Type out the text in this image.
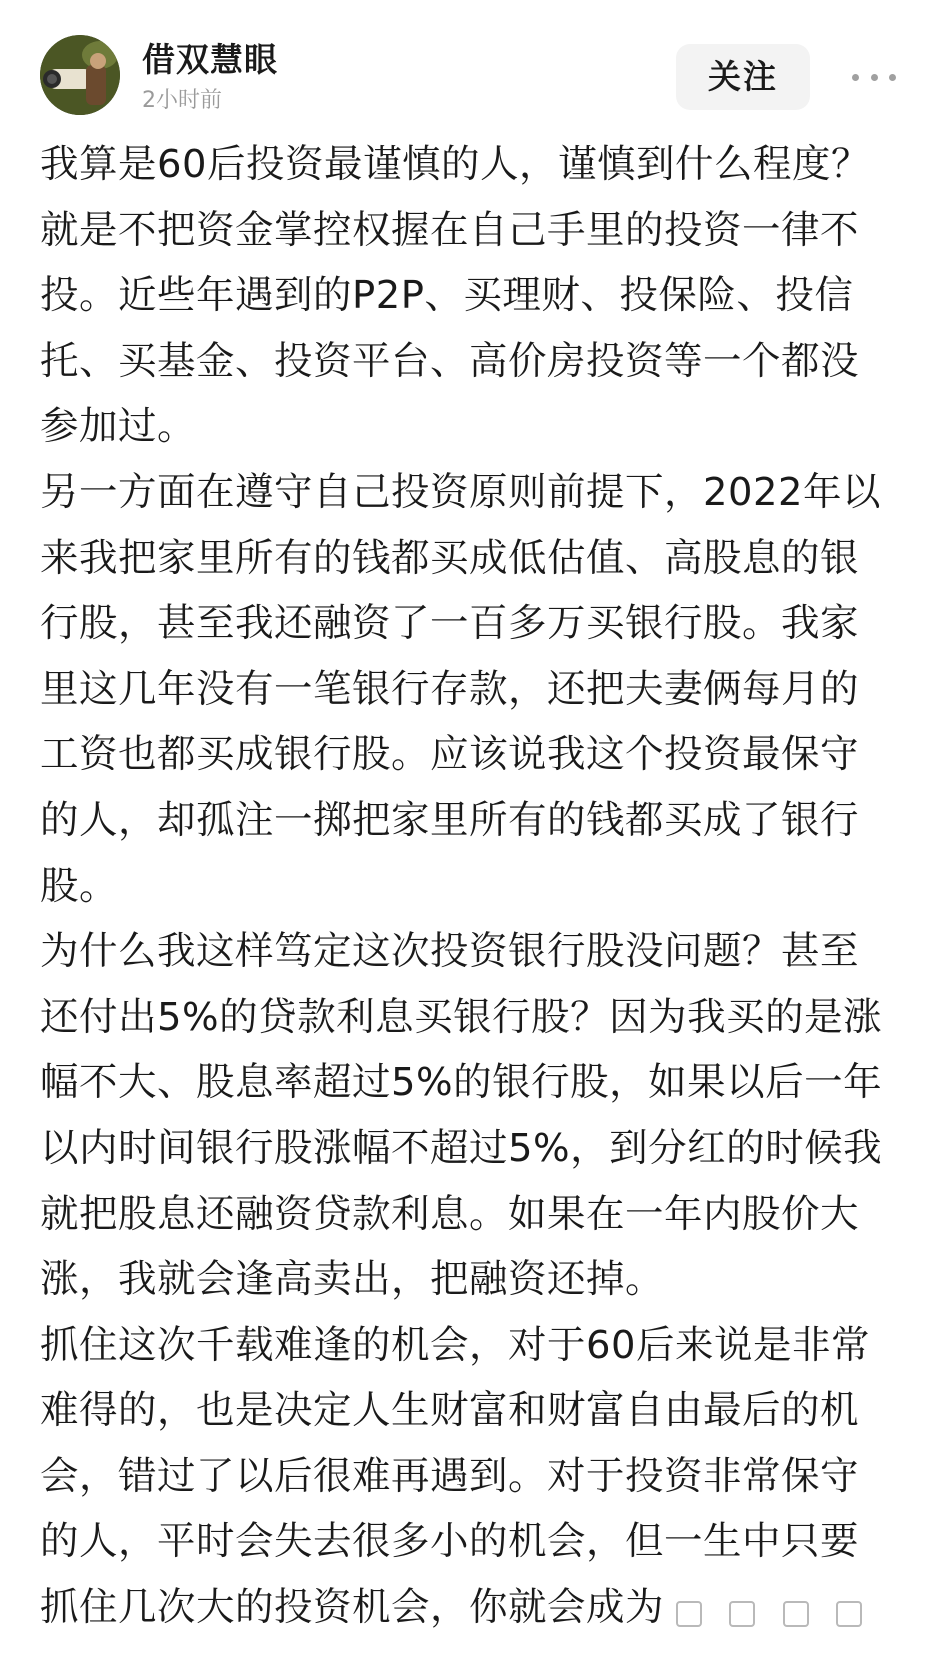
借双慧眼
2小时前
关注

我算是60后投资最谨慎的人，谨慎到什么程度？就是不把资金掌控权握在自己手里的投资一律不投。近些年遇到的P2P、买理财、投保险、投信托、买基金、投资平台、高价房投资等一个都没参加过。

另一方面在遵守自己投资原则前提下，2022年以来我把家里所有的钱都买成低估值、高股息的银行股，甚至我还融资了一百多万买银行股。我家里这几年没有一笔银行存款，还把夫妻俩每月的工资也都买成银行股。应该说我这个投资最保守的人，却孤注一掷把家里所有的钱都买成了银行股。

为什么我这样笃定这次投资银行股没问题？甚至还付出5%的贷款利息买银行股？因为我买的是涨幅不大、股息率超过5%的银行股，如果以后一年以内时间银行股涨幅不超过5%，到分红的时候我就把股息还融资贷款利息。如果在一年内股价大涨，我就会逢高卖出，把融资还掉。

抓住这次千载难逢的机会，对于60后来说是非常难得的，也是决定人生财富和财富自由最后的机会，错过了以后很难再遇到。对于投资非常保守的人，平时会失去很多小的机会，但一生中只要抓住几次大的投资机会，你就会成为
